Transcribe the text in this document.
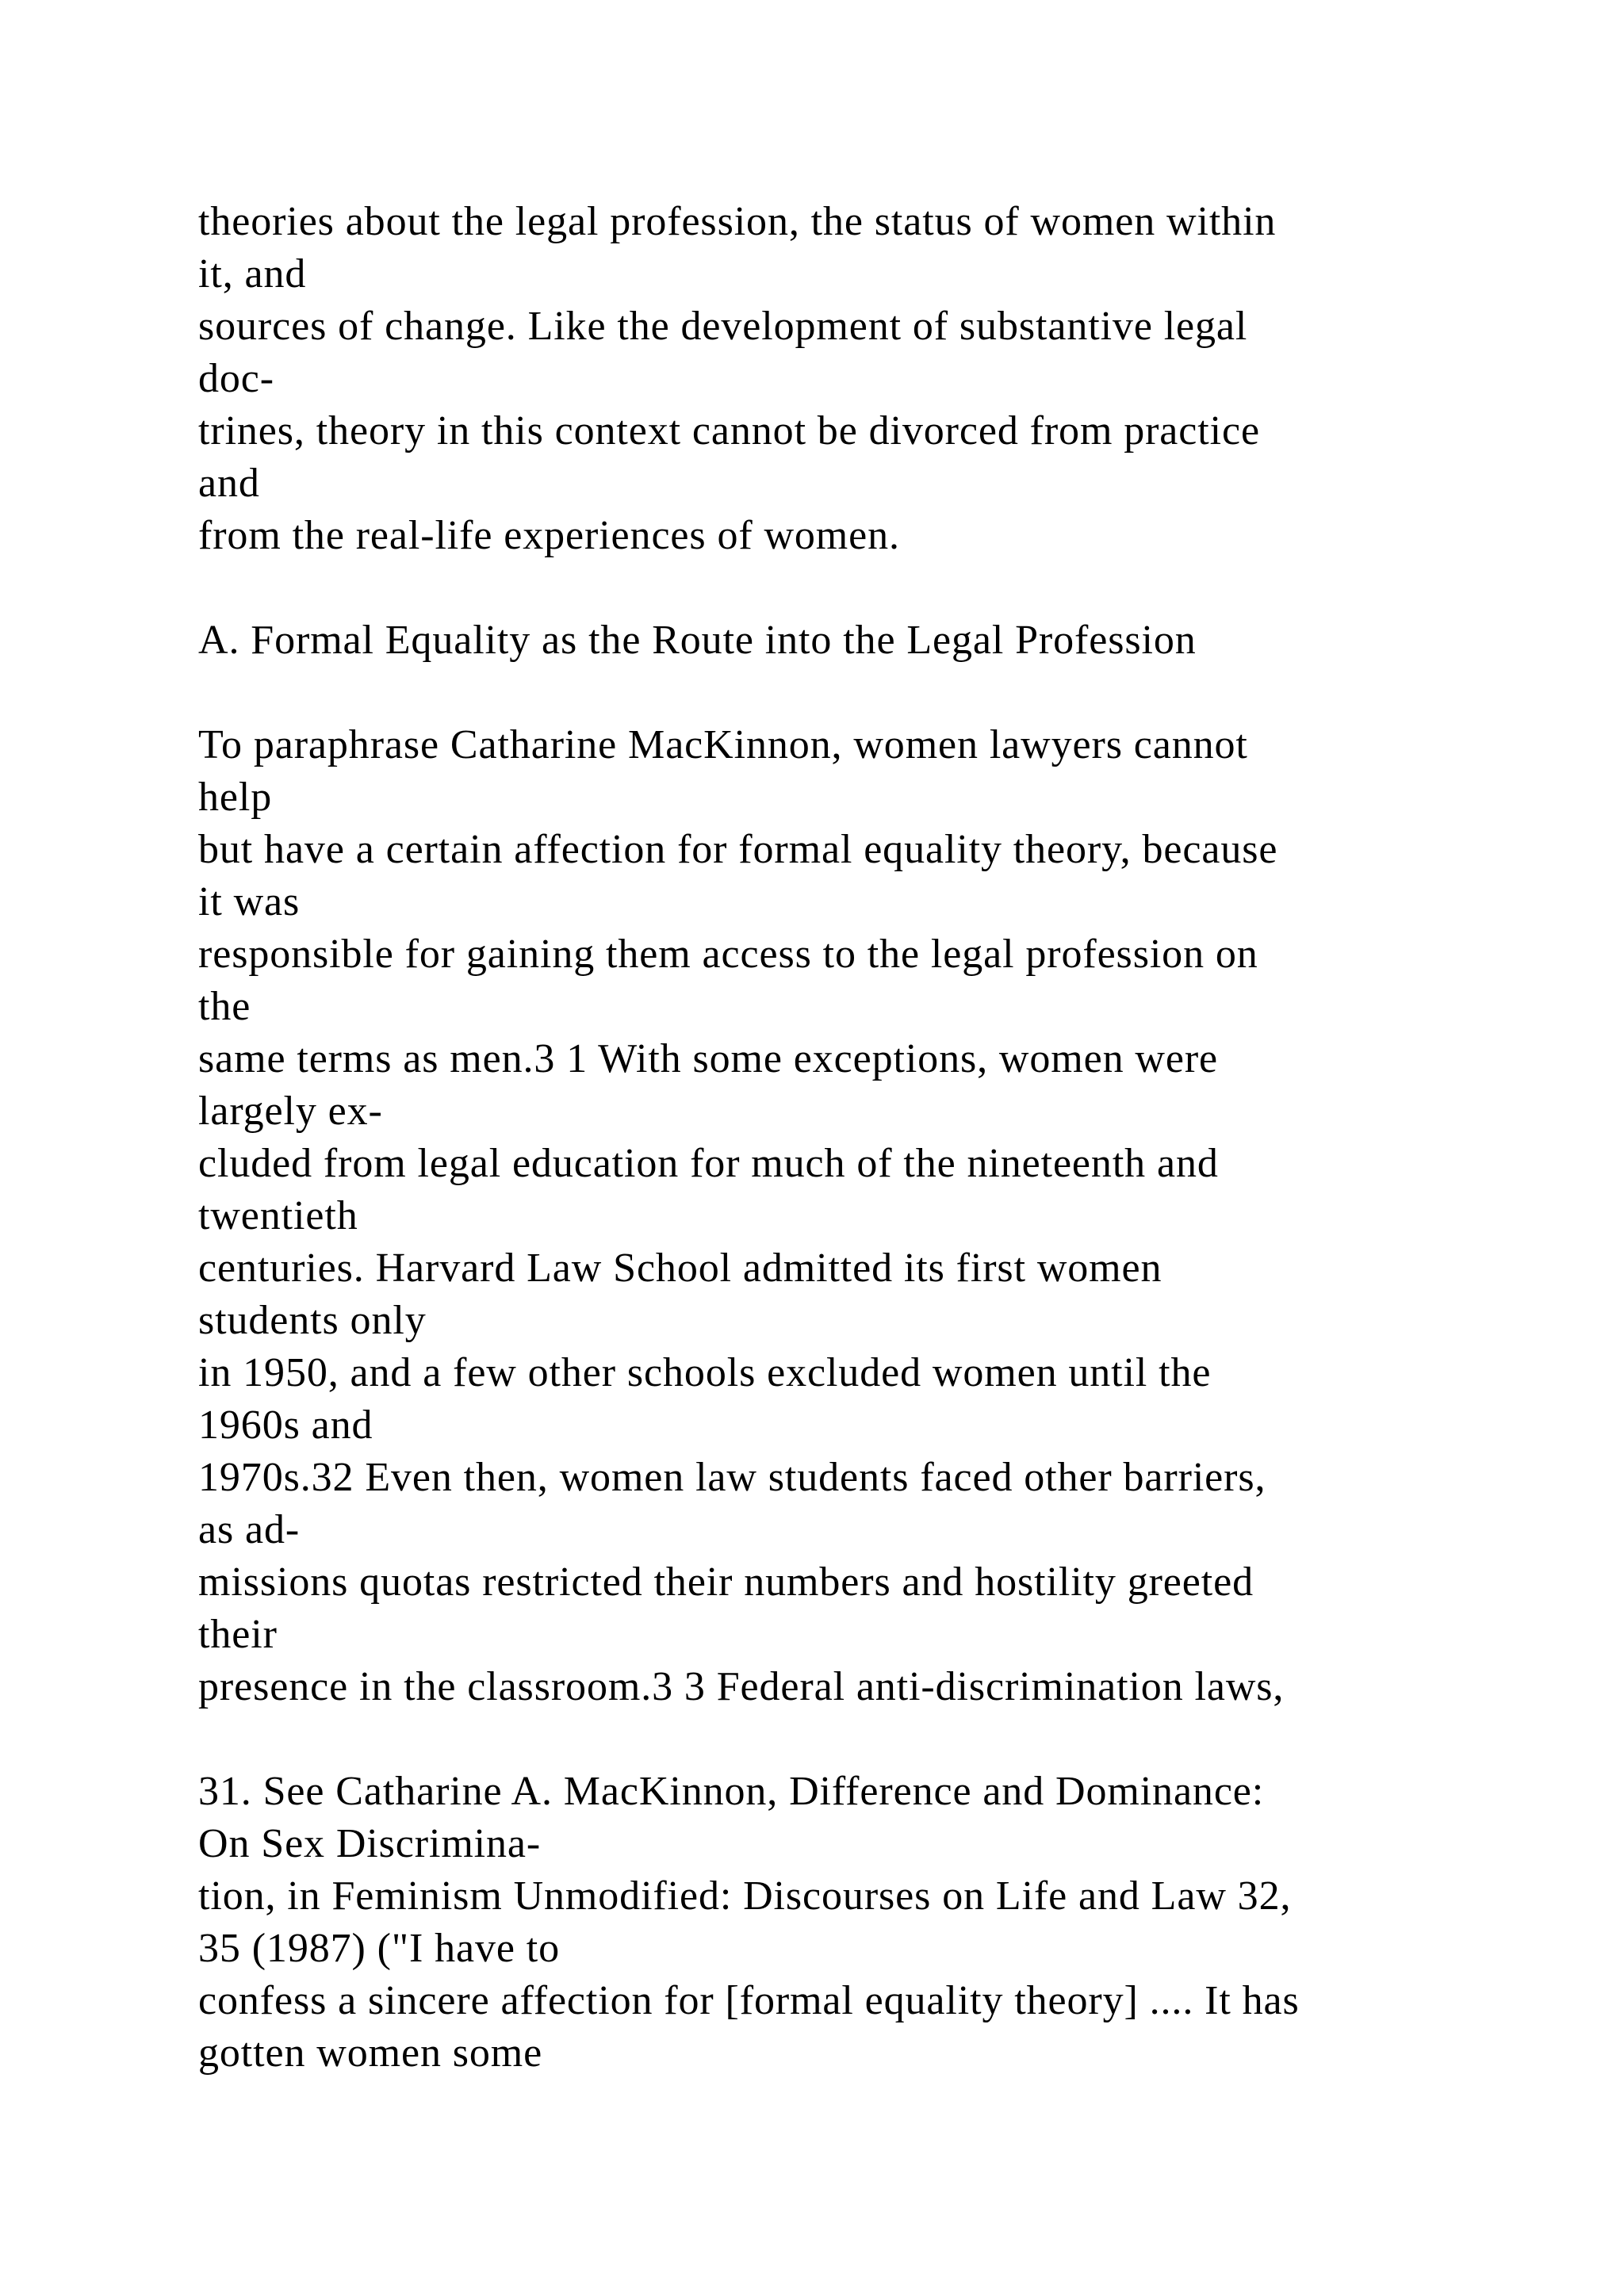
theories about the legal profession, the status of women within
it, and
sources of change. Like the development of substantive legal
doc-
trines, theory in this context cannot be divorced from practice
and
from the real-life experiences of women.
A. Formal Equality as the Route into the Legal Profession
To paraphrase Catharine MacKinnon, women lawyers cannot
help
but have a certain affection for formal equality theory, because
it was
responsible for gaining them access to the legal profession on
the
same terms as men.3 1 With some exceptions, women were
largely ex-
cluded from legal education for much of the nineteenth and
twentieth
centuries. Harvard Law School admitted its first women
students only
in 1950, and a few other schools excluded women until the
1960s and
1970s.32 Even then, women law students faced other barriers,
as ad-
missions quotas restricted their numbers and hostility greeted
their
presence in the classroom.3 3 Federal anti-discrimination laws,
31. See Catharine A. MacKinnon, Difference and Dominance:
On Sex Discrimina-
tion, in Feminism Unmodified: Discourses on Life and Law 32,
35 (1987) ("I have to
confess a sincere affection for [formal equality theory] .... It has
gotten women some
